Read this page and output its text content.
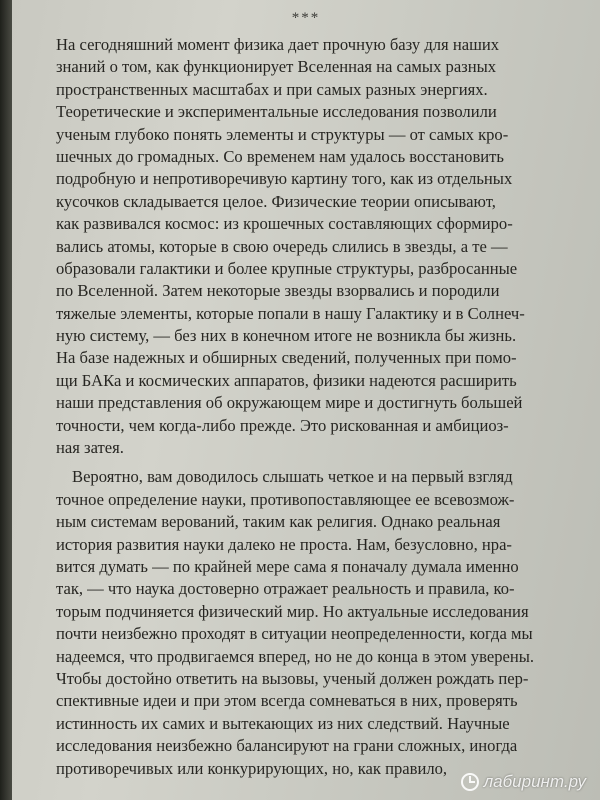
***
На сегодняшний момент физика дает прочную базу для наших
знаний о том, как функционирует Вселенная на самых разных
пространственных масштабах и при самых разных энергиях.
Теоретические и экспериментальные исследования позволили
ученым глубоко понять элементы и структуры — от самых кро-
шечных до громадных. Со временем нам удалось восстановить
подробную и непротиворечивую картину того, как из отдельных
кусочков складывается целое. Физические теории описывают,
как развивался космос: из крошечных составляющих сформиро-
вались атомы, которые в свою очередь слились в звезды, а те —
образовали галактики и более крупные структуры, разбросанные
по Вселенной. Затем некоторые звезды взорвались и породили
тяжелые элементы, которые попали в нашу Галактику и в Солнеч-
ную систему, — без них в конечном итоге не возникла бы жизнь.
На базе надежных и обширных сведений, полученных при помо-
щи БАКа и космических аппаратов, физики надеются расширить
наши представления об окружающем мире и достигнуть большей
точности, чем когда-либо прежде. Это рискованная и амбициоз-
ная затея.
Вероятно, вам доводилось слышать четкое и на первый взгляд
точное определение науки, противопоставляющее ее всевозмож-
ным системам верований, таким как религия. Однако реальная
история развития науки далеко не проста. Нам, безусловно, нра-
вится думать — по крайней мере сама я поначалу думала именно
так, — что наука достоверно отражает реальность и правила, ко-
торым подчиняется физический мир. Но актуальные исследования
почти неизбежно проходят в ситуации неопределенности, когда мы
надеемся, что продвигаемся вперед, но не до конца в этом уверены.
Чтобы достойно ответить на вызовы, ученый должен рождать пер-
спективные идеи и при этом всегда сомневаться в них, проверять
истинность их самих и вытекающих из них следствий. Научные
исследования неизбежно балансируют на грани сложных, иногда
противоречивых или конкурирующих, но, как правило,
лабиринт.ру
